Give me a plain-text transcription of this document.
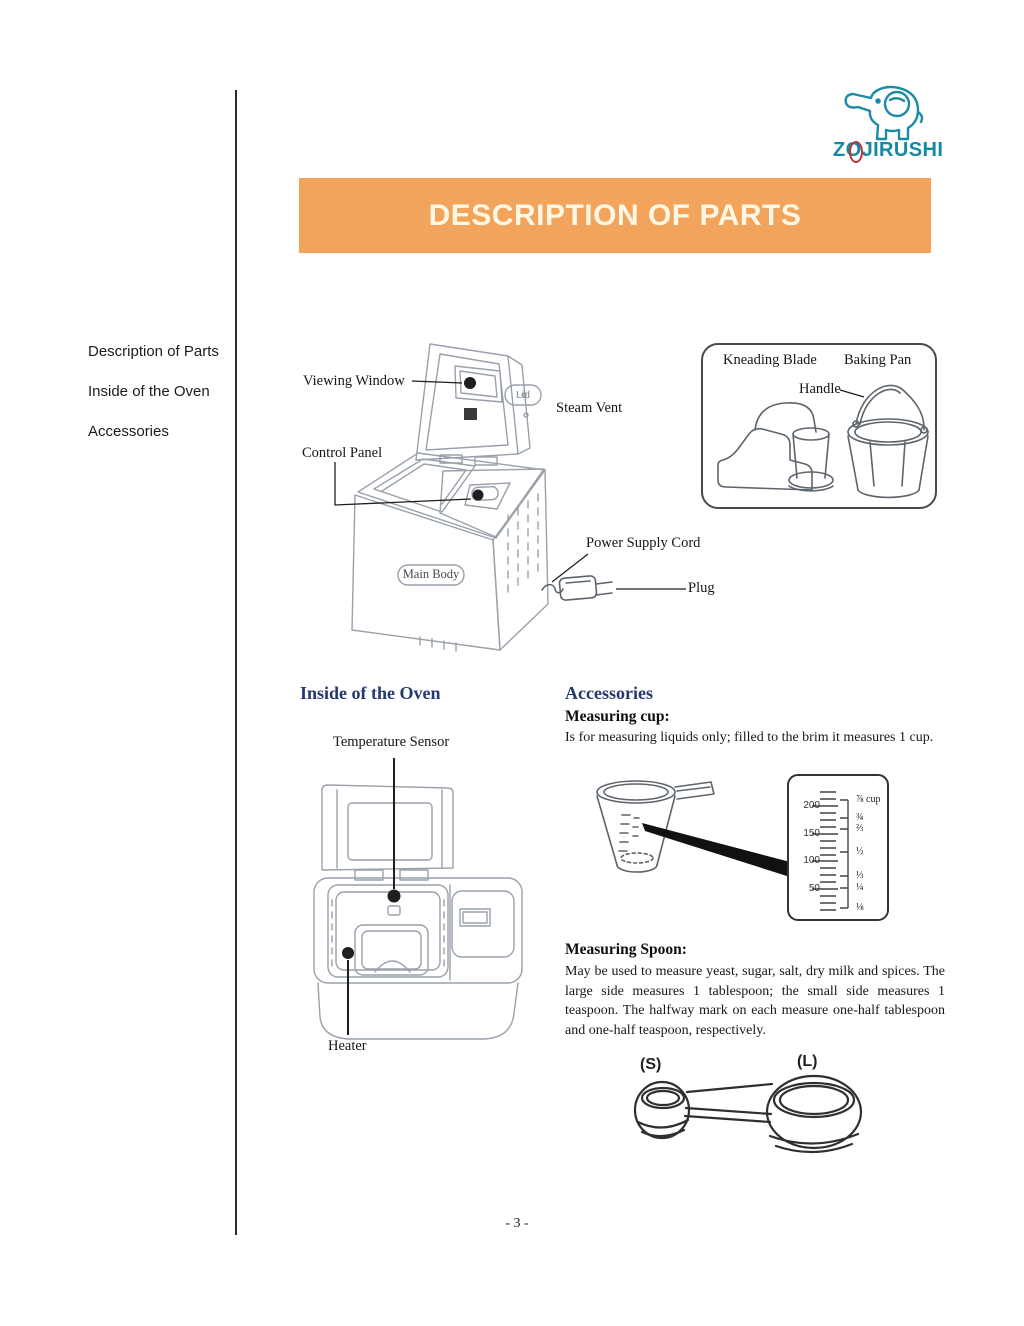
ZOJIRUSHI
DESCRIPTION OF PARTS
Description of Parts
Inside of the Oven
Accessories
Viewing Window
Lid
Steam Vent
Control Panel
Power Supply Cord
Plug
Main Body
Kneading Blade Baking Pan
Handle
Inside of the Oven
Temperature Sensor
Heater
Accessories
Measuring cup:
Is for measuring liquids only; filled to the brim it measures 1 cup.
200
150
100
50
⅞ cup
¾
⅔
½
⅓
¼
⅛
Measuring Spoon:
May be used to measure yeast, sugar, salt, dry milk and spices. The large side measures 1 tablespoon; the small side measures 1 teaspoon. The halfway mark on each measure one-half tablespoon and one-half teaspoon, respectively.
(S)	(L)
- 3 -
